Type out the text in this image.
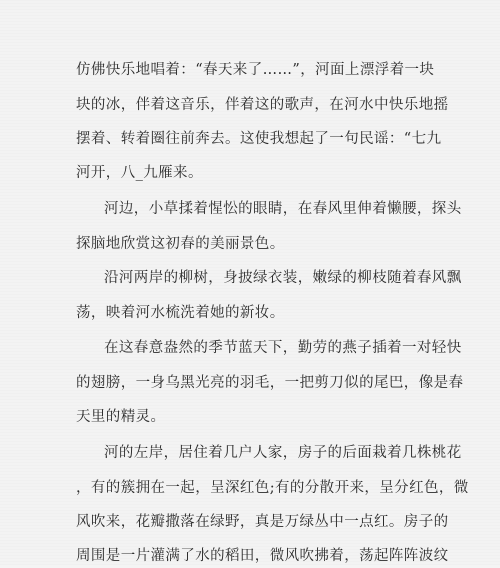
仿佛快乐地唱着：“春天来了……”，河面上漂浮着一块
块的冰，伴着这音乐，伴着这的歌声，在河水中快乐地摇
摆着、转着圈往前奔去。这使我想起了一句民谣：“七九
河开，八_九雁来。
河边，小草揉着惺忪的眼睛，在春风里伸着懒腰，探头
探脑地欣赏这初春的美丽景色。
沿河两岸的柳树，身披绿衣装，嫩绿的柳枝随着春风飘
荡，映着河水梳洗着她的新妆。
在这春意盎然的季节蓝天下，勤劳的燕子插着一对轻快
的翅膀，一身乌黑光亮的羽毛，一把剪刀似的尾巴，像是春
天里的精灵。
河的左岸，居住着几户人家，房子的后面栽着几株桃花
，有的簇拥在一起，呈深红色;有的分散开来，呈分红色，微
风吹来，花瓣撒落在绿野，真是万绿丛中一点红。房子的
周围是一片灌满了水的稻田，微风吹拂着，荡起阵阵波纹
